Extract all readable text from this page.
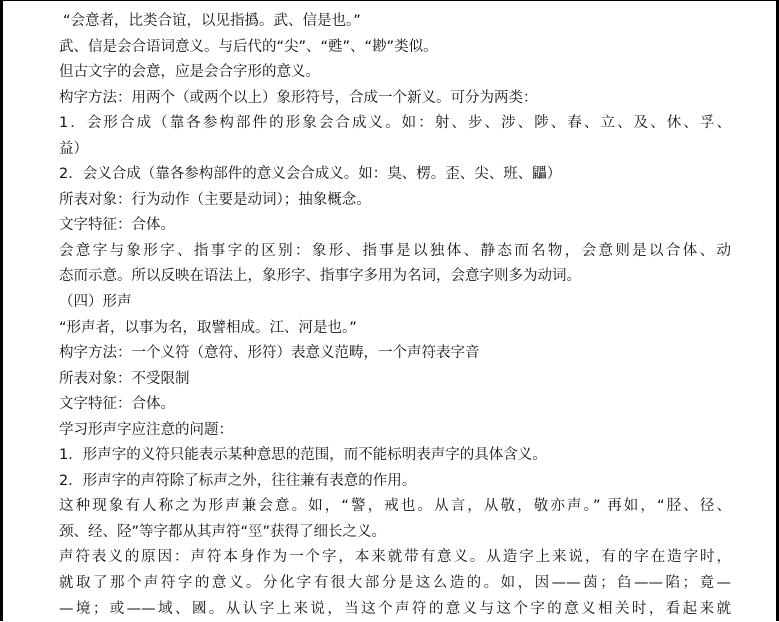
“会意者，比类合谊，以见指撝。武、信是也。”
武、信是会合语词意义。与后代的“尖”、“甦”、“尠”类似。
但古文字的会意，应是会合字形的意义。
构字方法：用两个（或两个以上）象形符号，合成一个新义。可分为两类：
1．会形合成（靠各参构部件的形象会合成义。如：射、步、涉、陟、春、立、及、休、孚、
益）
2．会义合成（靠各参构部件的意义会合成义。如：臭、楞。歪、尖、班、鼺）
所表对象：行为动作（主要是动词）；抽象概念。
文字特征：合体。
会意字与象形字、指事字的区别：象形、指事是以独体、静态而名物，会意则是以合体、动
态而示意。所以反映在语法上，象形字、指事字多用为名词，会意字则多为动词。
（四）形声
“形声者，以事为名，取譬相成。江、河是也。”
构字方法：一个义符（意符、形符）表意义范畴，一个声符表字音
所表对象：不受限制
文字特征：合体。
学习形声字应注意的问题：
1．形声字的义符只能表示某种意思的范围，而不能标明表声字的具体含义。
2．形声字的声符除了标声之外，往往兼有表意的作用。
这种现象有人称之为形声兼会意。如，“警，戒也。从言，从敬，敬亦声。” 再如，“胫、径、
颈、经、陉”等字都从其声符“巠”获得了细长之义。
声符表义的原因：声符本身作为一个字，本来就带有意义。从造字上来说，有的字在造字时，
就取了那个声符字的意义。分化字有很大部分是这么造的。如，因——茵；臽——陷；竟—
—境；或——域、國。从认字上来说，当这个声符的意义与这个字的意义相关时，看起来就
